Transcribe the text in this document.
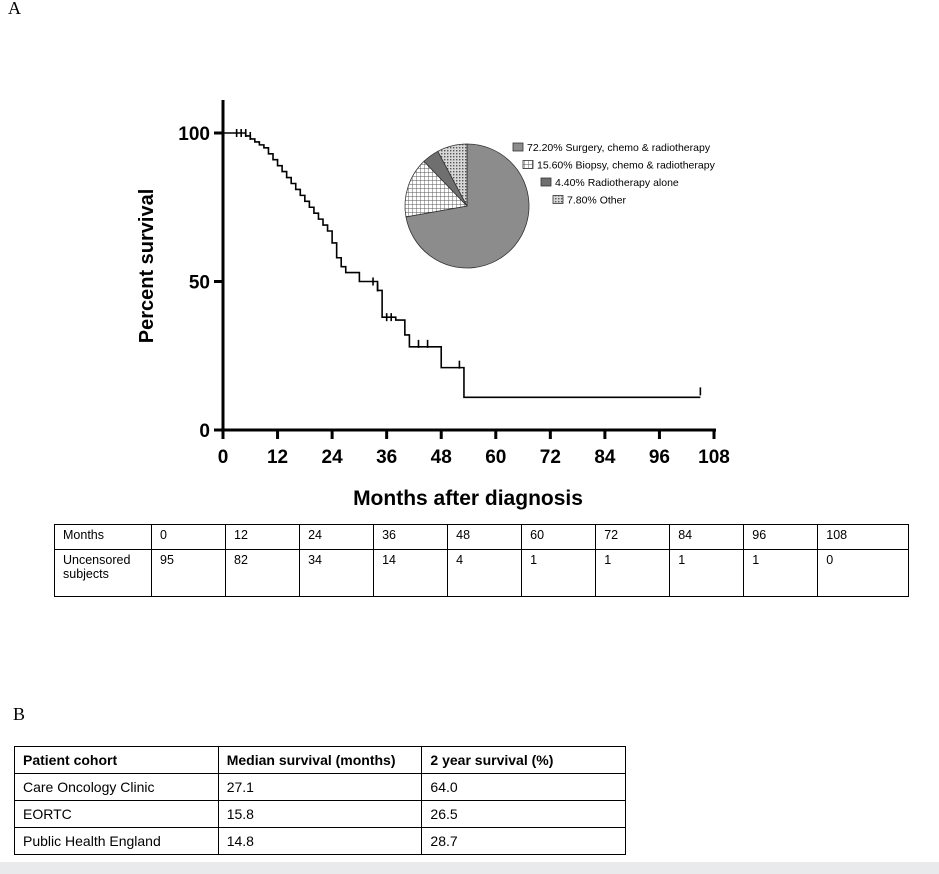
A
0 12 24 36 48 60 72 84 96 108
0
50
100
Months after diagnosis
Percent survival
72.20% Surgery, chemo & radiotherapy
15.60% Biopsy, chemo & radiotherapy
4.40% Radiotherapy alone
7.80% Other
Months	0	12	24	36	48	60	72	84	96	108
Uncensored subjects	95	82	34	14	4	1	1	1	1	0
B
Patient cohort	Median survival (months)	2 year survival (%)
Care Oncology Clinic	27.1	64.0
EORTC	15.8	26.5
Public Health England	14.8	28.7
